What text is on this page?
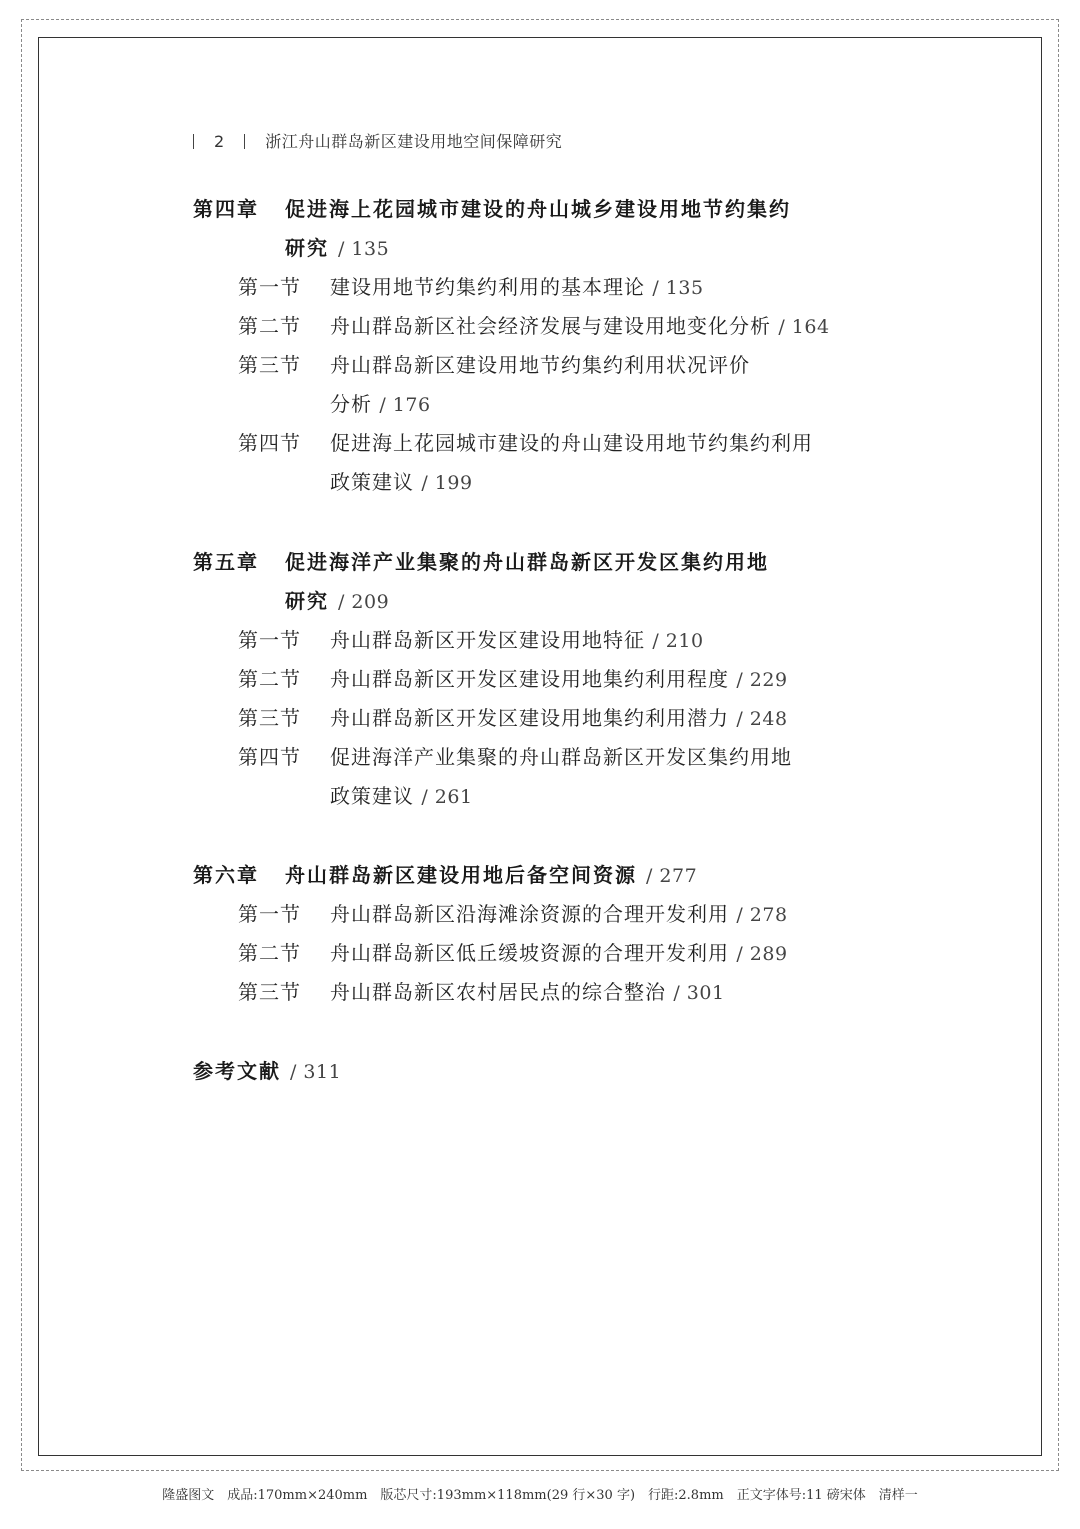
2	浙江舟山群岛新区建设用地空间保障研究
第四章 促进海上花园城市建设的舟山城乡建设用地节约集约
研究 / 135
第一节 建设用地节约集约利用的基本理论 / 135
第二节 舟山群岛新区社会经济发展与建设用地变化分析 / 164
第三节 舟山群岛新区建设用地节约集约利用状况评价
分析 / 176
第四节 促进海上花园城市建设的舟山建设用地节约集约利用
政策建议 / 199
第五章 促进海洋产业集聚的舟山群岛新区开发区集约用地
研究 / 209
第一节 舟山群岛新区开发区建设用地特征 / 210
第二节 舟山群岛新区开发区建设用地集约利用程度 / 229
第三节 舟山群岛新区开发区建设用地集约利用潜力 / 248
第四节 促进海洋产业集聚的舟山群岛新区开发区集约用地
政策建议 / 261
第六章 舟山群岛新区建设用地后备空间资源 / 277
第一节 舟山群岛新区沿海滩涂资源的合理开发利用 / 278
第二节 舟山群岛新区低丘缓坡资源的合理开发利用 / 289
第三节 舟山群岛新区农村居民点的综合整治 / 301
参考文献 / 311
隆盛图文　成品:170mm×240mm　版芯尺寸:193mm×118mm(29 行×30 字)　行距:2.8mm　正文字体号:11 磅宋体　清样一
